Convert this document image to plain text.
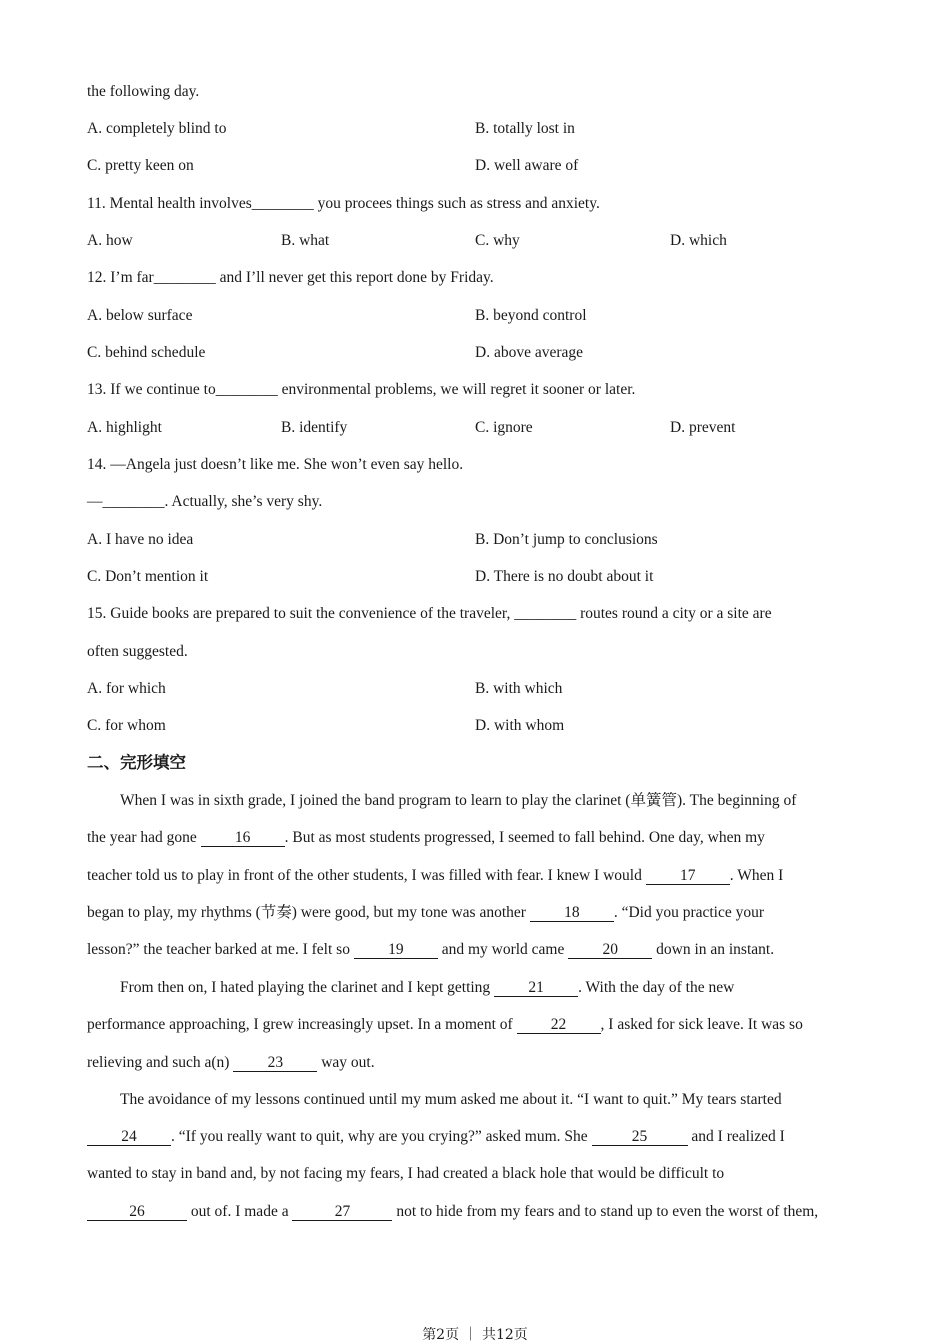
the following day.
A. completely blind to	B. totally lost in
C. pretty keen on	D. well aware of
11. Mental health involves________ you procees things such as stress and anxiety.
A. how	B. what	C. why	D. which
12. I’m far________ and I’ll never get this report done by Friday.
A. below surface	B. beyond control
C. behind schedule	D. above average
13. If we continue to________ environmental problems, we will regret it sooner or later.
A. highlight	B. identify	C. ignore	D. prevent
14. —Angela just doesn’t like me. She won’t even say hello.
—________. Actually, she’s very shy.
A. I have no idea	B. Don’t jump to conclusions
C. Don’t mention it	D. There is no doubt about it
15. Guide books are prepared to suit the convenience of the traveler, ________ routes round a city or a site are
often suggested.
A. for which	B. with which
C. for whom	D. with whom
二、完形填空
When I was in sixth grade, I joined the band program to learn to play the clarinet (单簧管). The beginning of
the year had gone 16 . But as most students progressed, I seemed to fall behind. One day, when my
teacher told us to play in front of the other students, I was filled with fear. I knew I would 17 . When I
began to play, my rhythms (节奏) were good, but my tone was another 18 . “Did you practice your
lesson?” the teacher barked at me. I felt so 19 and my world came 20 down in an instant.
From then on, I hated playing the clarinet and I kept getting 21 . With the day of the new
performance approaching, I grew increasingly upset. In a moment of 22 , I asked for sick leave. It was so
relieving and such a(n) 23 way out.
The avoidance of my lessons continued until my mum asked me about it. “I want to quit.” My tears started
24 . “If you really want to quit, why are you crying?” asked mum. She	25	and I realized I
wanted to stay in band and, by not facing my fears, I had created a black hole that would be difficult to
26	out of. I made a	27	not to hide from my fears and to stand up to even the worst of them,
第2页 ｜ 共12页
